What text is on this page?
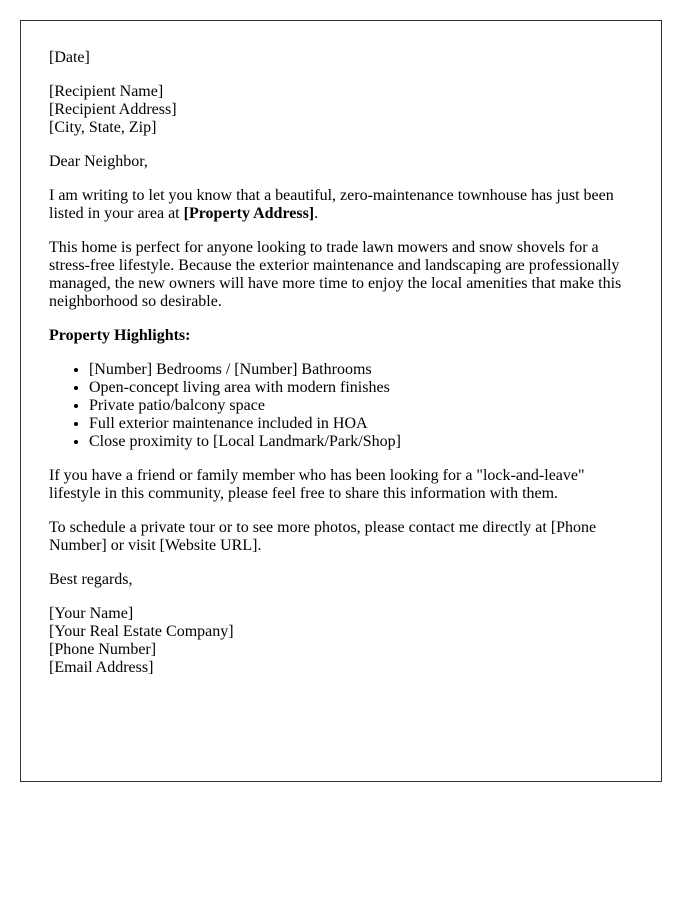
[Date]

[Recipient Name]
[Recipient Address]
[City, State, Zip]

Dear Neighbor,

I am writing to let you know that a beautiful, zero-maintenance townhouse has just been listed in your area at [Property Address].

This home is perfect for anyone looking to trade lawn mowers and snow shovels for a stress-free lifestyle. Because the exterior maintenance and landscaping are professionally managed, the new owners will have more time to enjoy the local amenities that make this neighborhood so desirable.

Property Highlights:

• [Number] Bedrooms / [Number] Bathrooms
• Open-concept living area with modern finishes
• Private patio/balcony space
• Full exterior maintenance included in HOA
• Close proximity to [Local Landmark/Park/Shop]

If you have a friend or family member who has been looking for a "lock-and-leave" lifestyle in this community, please feel free to share this information with them.

To schedule a private tour or to see more photos, please contact me directly at [Phone Number] or visit [Website URL].

Best regards,

[Your Name]
[Your Real Estate Company]
[Phone Number]
[Email Address]
